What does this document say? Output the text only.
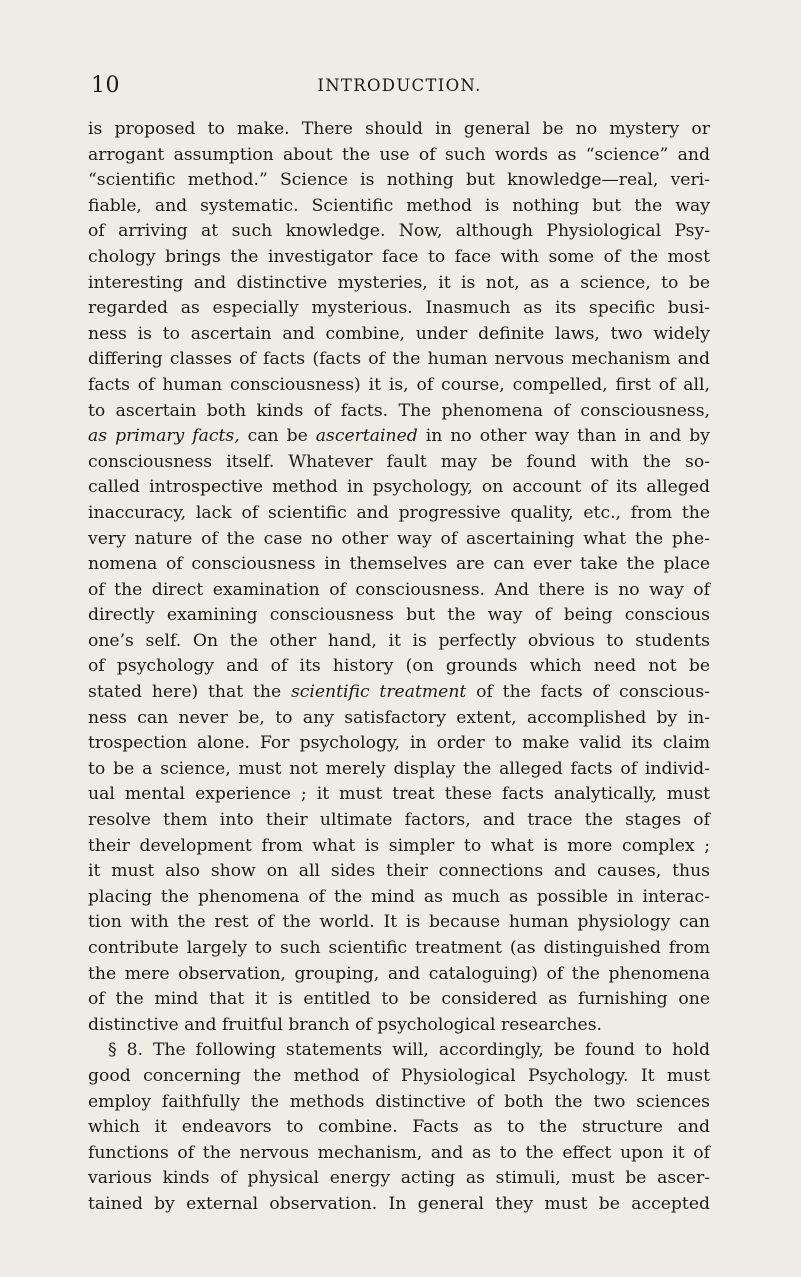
10	INTRODUCTION.

is proposed to make. There should in general be no mystery or
arrogant assumption about the use of such words as “science” and
“scientific method.” Science is nothing but knowledge—real, veri-
fiable, and systematic. Scientific method is nothing but the way
of arriving at such knowledge. Now, although Physiological Psy-
chology brings the investigator face to face with some of the most
interesting and distinctive mysteries, it is not, as a science, to be
regarded as especially mysterious. Inasmuch as its specific busi-
ness is to ascertain and combine, under definite laws, two widely
differing classes of facts (facts of the human nervous mechanism and
facts of human consciousness) it is, of course, compelled, first of all,
to ascertain both kinds of facts. The phenomena of consciousness,
as primary facts, can be ascertained in no other way than in and by
consciousness itself. Whatever fault may be found with the so-
called introspective method in psychology, on account of its alleged
inaccuracy, lack of scientific and progressive quality, etc., from the
very nature of the case no other way of ascertaining what the phe-
nomena of consciousness in themselves are can ever take the place
of the direct examination of consciousness. And there is no way of
directly examining consciousness but the way of being conscious
one’s self. On the other hand, it is perfectly obvious to students
of psychology and of its history (on grounds which need not be
stated here) that the scientific treatment of the facts of conscious-
ness can never be, to any satisfactory extent, accomplished by in-
trospection alone. For psychology, in order to make valid its claim
to be a science, must not merely display the alleged facts of individ-
ual mental experience ; it must treat these facts analytically, must
resolve them into their ultimate factors, and trace the stages of
their development from what is simpler to what is more complex ;
it must also show on all sides their connections and causes, thus
placing the phenomena of the mind as much as possible in interac-
tion with the rest of the world. It is because human physiology can
contribute largely to such scientific treatment (as distinguished from
the mere observation, grouping, and cataloguing) of the phenomena
of the mind that it is entitled to be considered as furnishing one
distinctive and fruitful branch of psychological researches.

§ 8. The following statements will, accordingly, be found to hold
good concerning the method of Physiological Psychology. It must
employ faithfully the methods distinctive of both the two sciences
which it endeavors to combine. Facts as to the structure and
functions of the nervous mechanism, and as to the effect upon it of
various kinds of physical energy acting as stimuli, must be ascer-
tained by external observation. In general they must be accepted
